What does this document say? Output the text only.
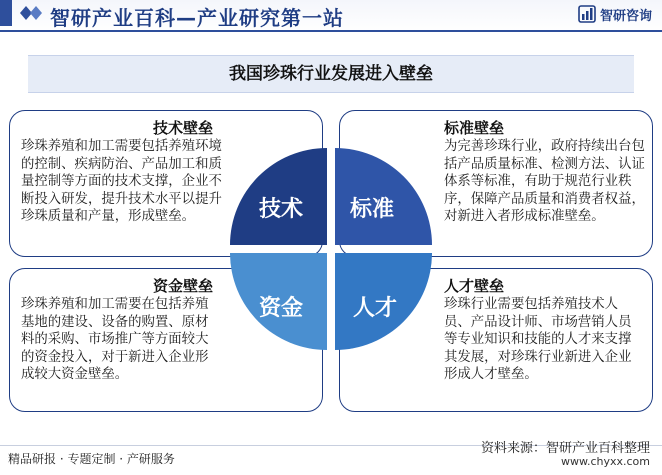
智研产业百科—产业研究第一站	智研咨询
我国珍珠行业发展进入壁垒
技术壁垒
珍珠养殖和加工需要包括养殖环境的控制、疾病防治、产品加工和质量控制等方面的技术支撑，企业不断投入研发，提升技术水平以提升珍珠质量和产量，形成壁垒。
标准壁垒
为完善珍珠行业，政府持续出台包括产品质量标准、检测方法、认证体系等标准，有助于规范行业秩序，保障产品质量和消费者权益，对新进入者形成标准壁垒。
资金壁垒
珍珠养殖和加工需要在包括养殖基地的建设、设备的购置、原材料的采购、市场推广等方面较大的资金投入，对于新进入企业形成较大资金壁垒。
人才壁垒
珍珠行业需要包括养殖技术人员、产品设计师、市场营销人员等专业知识和技能的人才来支撑其发展，对珍珠行业新进入企业形成人才壁垒。
技术 标准
资金 人才
精品研报 · 专题定制 · 产研服务
资料来源：智研产业百科整理
www.chyxx.com
